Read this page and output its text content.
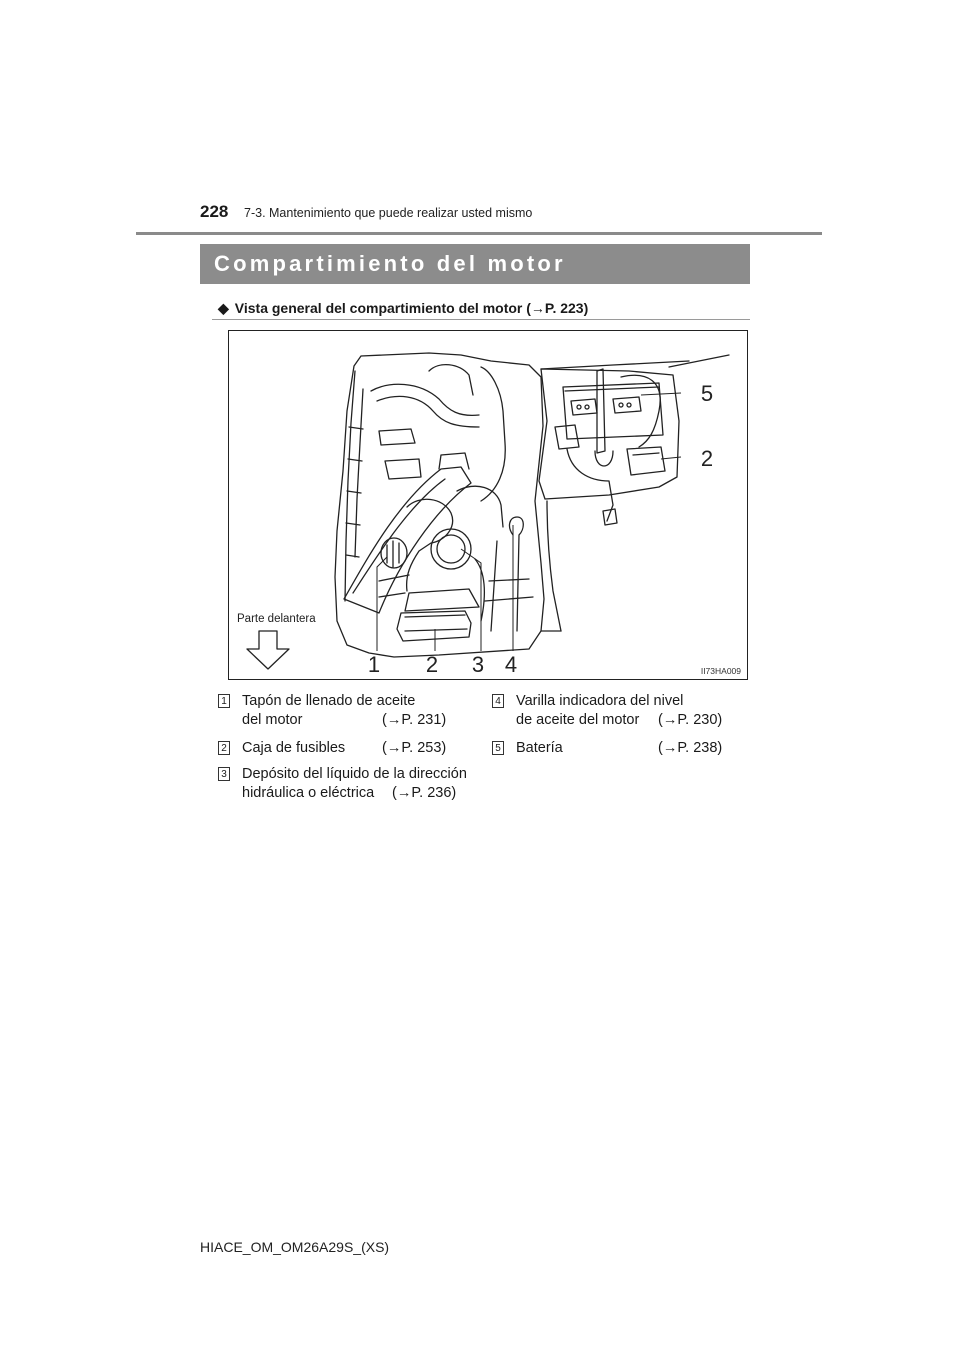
228 7-3. Mantenimiento que puede realizar usted mismo
Compartimiento del motor
◆ Vista general del compartimiento del motor (→P. 223)
1 2 3 4
5
2
Parte delantera
II73HA009
1 Tapón de llenado de aceite
del motor	(→P. 231)
2 Caja de fusibles	(→P. 253)
3 Depósito del líquido de la dirección
hidráulica o eléctrica (→P. 236)
4 Varilla indicadora del nivel
de aceite del motor (→P. 230)
5 Batería	(→P. 238)
HIACE_OM_OM26A29S_(XS)
